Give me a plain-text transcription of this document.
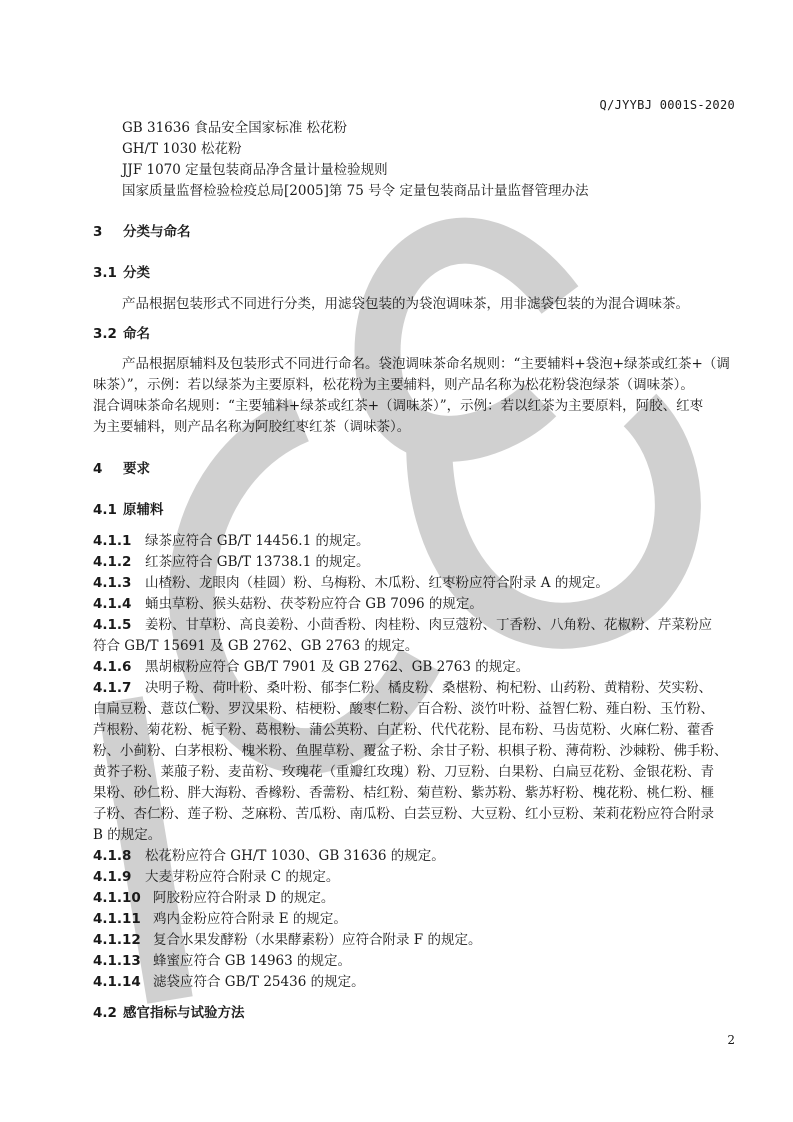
Q/JYYBJ 0001S-2020
GB 31636 食品安全国家标准 松花粉
GH/T 1030 松花粉
JJF 1070 定量包装商品净含量计量检验规则
国家质量监督检验检疫总局[2005]第 75 号令 定量包装商品计量监督管理办法
3 分类与命名
3.1 分类
产品根据包装形式不同进行分类，用滤袋包装的为袋泡调味茶，用非滤袋包装的为混合调味茶。
3.2 命名
产品根据原辅料及包装形式不同进行命名。袋泡调味茶命名规则：“主要辅料+袋泡+绿茶或红茶+（调
味茶）”，示例：若以绿茶为主要原料，松花粉为主要辅料，则产品名称为松花粉袋泡绿茶（调味茶）。
混合调味茶命名规则：“主要辅料+绿茶或红茶+（调味茶）”，示例：若以红茶为主要原料，阿胶、红枣
为主要辅料，则产品名称为阿胶红枣红茶（调味茶）。
4 要求
4.1 原辅料
4.1.1 绿茶应符合 GB/T 14456.1 的规定。
4.1.2 红茶应符合 GB/T 13738.1 的规定。
4.1.3 山楂粉、龙眼肉（桂圆）粉、乌梅粉、木瓜粉、红枣粉应符合附录 A 的规定。
4.1.4 蛹虫草粉、猴头菇粉、茯苓粉应符合 GB 7096 的规定。
4.1.5 姜粉、甘草粉、高良姜粉、小茴香粉、肉桂粉、肉豆蔻粉、丁香粉、八角粉、花椒粉、芹菜粉应
符合 GB/T 15691 及 GB 2762、GB 2763 的规定。
4.1.6 黑胡椒粉应符合 GB/T 7901 及 GB 2762、GB 2763 的规定。
4.1.7 决明子粉、荷叶粉、桑叶粉、郁李仁粉、橘皮粉、桑椹粉、枸杞粉、山药粉、黄精粉、芡实粉、
白扁豆粉、薏苡仁粉、罗汉果粉、桔梗粉、酸枣仁粉、百合粉、淡竹叶粉、益智仁粉、薤白粉、玉竹粉、
芦根粉、菊花粉、栀子粉、葛根粉、蒲公英粉、白芷粉、代代花粉、昆布粉、马齿苋粉、火麻仁粉、藿香
粉、小蓟粉、白茅根粉、槐米粉、鱼腥草粉、覆盆子粉、余甘子粉、枳椇子粉、薄荷粉、沙棘粉、佛手粉、
黄芥子粉、莱菔子粉、麦苗粉、玫瑰花（重瓣红玫瑰）粉、刀豆粉、白果粉、白扁豆花粉、金银花粉、青
果粉、砂仁粉、胖大海粉、香橼粉、香薷粉、桔红粉、菊苣粉、紫苏粉、紫苏籽粉、槐花粉、桃仁粉、榧
子粉、杏仁粉、莲子粉、芝麻粉、苦瓜粉、南瓜粉、白芸豆粉、大豆粉、红小豆粉、茉莉花粉应符合附录
B 的规定。
4.1.8 松花粉应符合 GH/T 1030、GB 31636 的规定。
4.1.9 大麦芽粉应符合附录 C 的规定。
4.1.10 阿胶粉应符合附录 D 的规定。
4.1.11 鸡内金粉应符合附录 E 的规定。
4.1.12 复合水果发酵粉（水果酵素粉）应符合附录 F 的规定。
4.1.13 蜂蜜应符合 GB 14963 的规定。
4.1.14 滤袋应符合 GB/T 25436 的规定。
4.2 感官指标与试验方法
2
